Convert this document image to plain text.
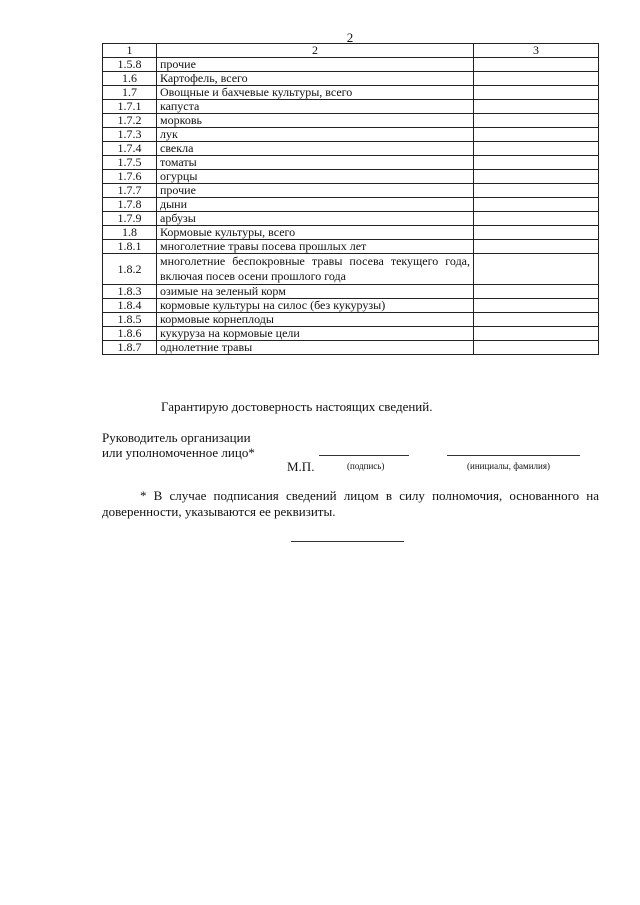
2
1	2	3
1.5.8	прочие	
1.6	Картофель, всего	
1.7	Овощные и бахчевые культуры, всего	
1.7.1	капуста	
1.7.2	морковь	
1.7.3	лук	
1.7.4	свекла	
1.7.5	томаты	
1.7.6	огурцы	
1.7.7	прочие	
1.7.8	дыни	
1.7.9	арбузы	
1.8	Кормовые культуры, всего	
1.8.1	многолетние травы посева прошлых лет	
1.8.2	многолетние беспокровные травы посева текущего года, включая посев осени прошлого года	
1.8.3	озимые на зеленый корм	
1.8.4	кормовые культуры на силос (без кукурузы)	
1.8.5	кормовые корнеплоды	
1.8.6	кукуруза на кормовые цели	
1.8.7	однолетние травы	
Гарантирую достоверность настоящих сведений.
Руководитель организации
или уполномоченное лицо*
М.П.	(подпись)	(инициалы, фамилия)
* В случае подписания сведений лицом в силу полномочия, основанного на доверенности, указываются ее реквизиты.
